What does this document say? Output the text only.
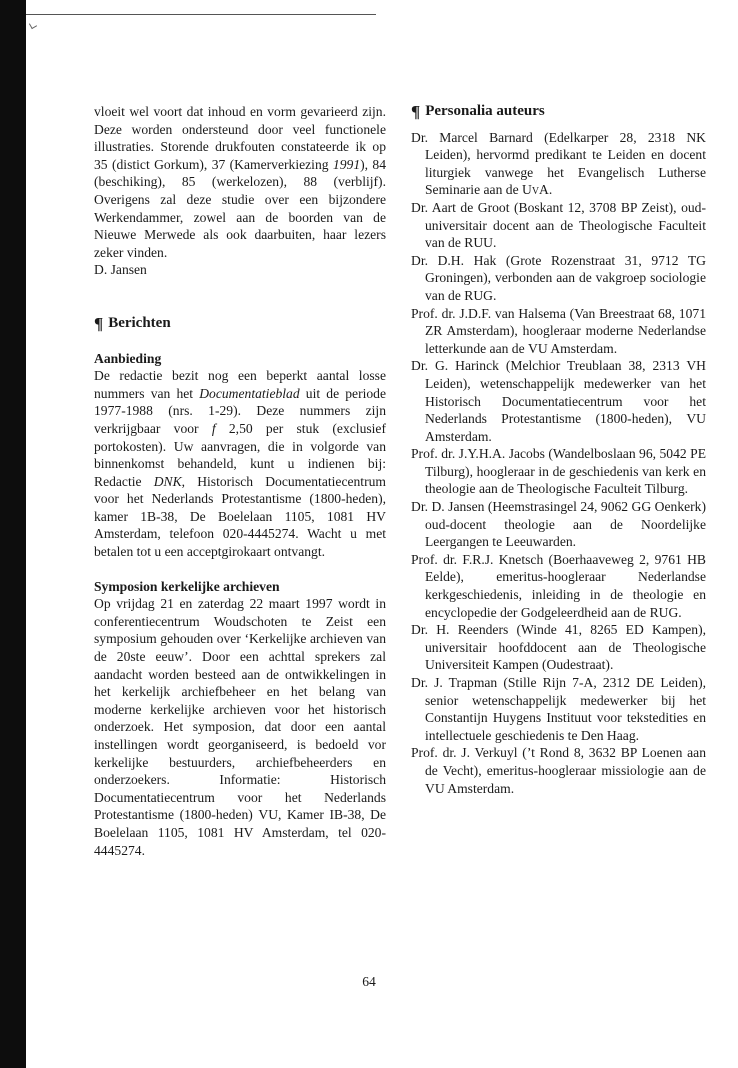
vloeit wel voort dat inhoud en vorm gevarieerd zijn. Deze worden ondersteund door veel functionele illustraties. Storende drukfouten constateerde ik op 35 (distict Gorkum), 37 (Kamerverkiezing 1991), 84 (beschiking), 85 (werkelozen), 88 (verblijf). Overigens zal deze studie over een bijzondere Werkendammer, zowel aan de boorden van de Nieuwe Merwede als ook daarbuiten, haar lezers zeker vinden.

D. Jansen

¶ Berichten

Aanbieding

De redactie bezit nog een beperkt aantal losse nummers van het Documentatieblad uit de periode 1977-1988 (nrs. 1-29). Deze nummers zijn verkrijgbaar voor f 2,50 per stuk (exclusief portokosten). Uw aanvragen, die in volgorde van binnenkomst behandeld, kunt u indienen bij: Redactie DNK, Historisch Documentatiecentrum voor het Nederlands Protestantisme (1800-heden), kamer 1B-38, De Boelelaan 1105, 1081 HV Amsterdam, telefoon 020-4445274. Wacht u met betalen tot u een acceptgirokaart ontvangt.

Symposion kerkelijke archieven

Op vrijdag 21 en zaterdag 22 maart 1997 wordt in conferentiecentrum Woudschoten te Zeist een symposium gehouden over ‘Kerkelijke archieven van de 20ste eeuw’. Door een achttal sprekers zal aandacht worden besteed aan de ontwikkelingen in het kerkelijk archiefbeheer en het belang van moderne kerkelijke archieven voor het historisch onderzoek. Het symposion, dat door een aantal instellingen wordt georganiseerd, is bedoeld vor kerkelijke bestuurders, archiefbeheerders en onderzoekers. Informatie: Historisch Documentatiecentrum voor het Nederlands Protestantisme (1800-heden) VU, Kamer IB-38, De Boelelaan 1105, 1081 HV Amsterdam, tel 020-4445274.

¶ Personalia auteurs

Dr. Marcel Barnard (Edelkarper 28, 2318 NK Leiden), hervormd predikant te Leiden en docent liturgiek vanwege het Evangelisch Lutherse Seminarie aan de UvA.
Dr. Aart de Groot (Boskant 12, 3708 BP Zeist), oud-universitair docent aan de Theologische Faculteit van de RUU.
Dr. D.H. Hak (Grote Rozenstraat 31, 9712 TG Groningen), verbonden aan de vakgroep sociologie van de RUG.
Prof. dr. J.D.F. van Halsema (Van Breestraat 68, 1071 ZR Amsterdam), hoogleraar moderne Nederlandse letterkunde aan de VU Amsterdam.
Dr. G. Harinck (Melchior Treublaan 38, 2313 VH Leiden), wetenschappelijk medewerker van het Historisch Documentatiecentrum voor het Nederlands Protestantisme (1800-heden), VU Amsterdam.
Prof. dr. J.Y.H.A. Jacobs (Wandelboslaan 96, 5042 PE Tilburg), hoogleraar in de geschiedenis van kerk en theologie aan de Theologische Faculteit Tilburg.
Dr. D. Jansen (Heemstrasingel 24, 9062 GG Oenkerk) oud-docent theologie aan de Noordelijke Leergangen te Leeuwarden.
Prof. dr. F.R.J. Knetsch (Boerhaaveweg 2, 9761 HB Eelde), emeritus-hoogleraar Nederlandse kerkgeschiedenis, inleiding in de theologie en encyclopedie der Godgeleerdheid aan de RUG.
Dr. H. Reenders (Winde 41, 8265 ED Kampen), universitair hoofddocent aan de Theologische Universiteit Kampen (Oudestraat).
Dr. J. Trapman (Stille Rijn 7-A, 2312 DE Leiden), senior wetenschappelijk medewerker bij het Constantijn Huygens Instituut voor tekstedities en intellectuele geschiedenis te Den Haag.
Prof. dr. J. Verkuyl (’t Rond 8, 3632 BP Loenen aan de Vecht), emeritus-hoogleraar missiologie aan de VU Amsterdam.
64
